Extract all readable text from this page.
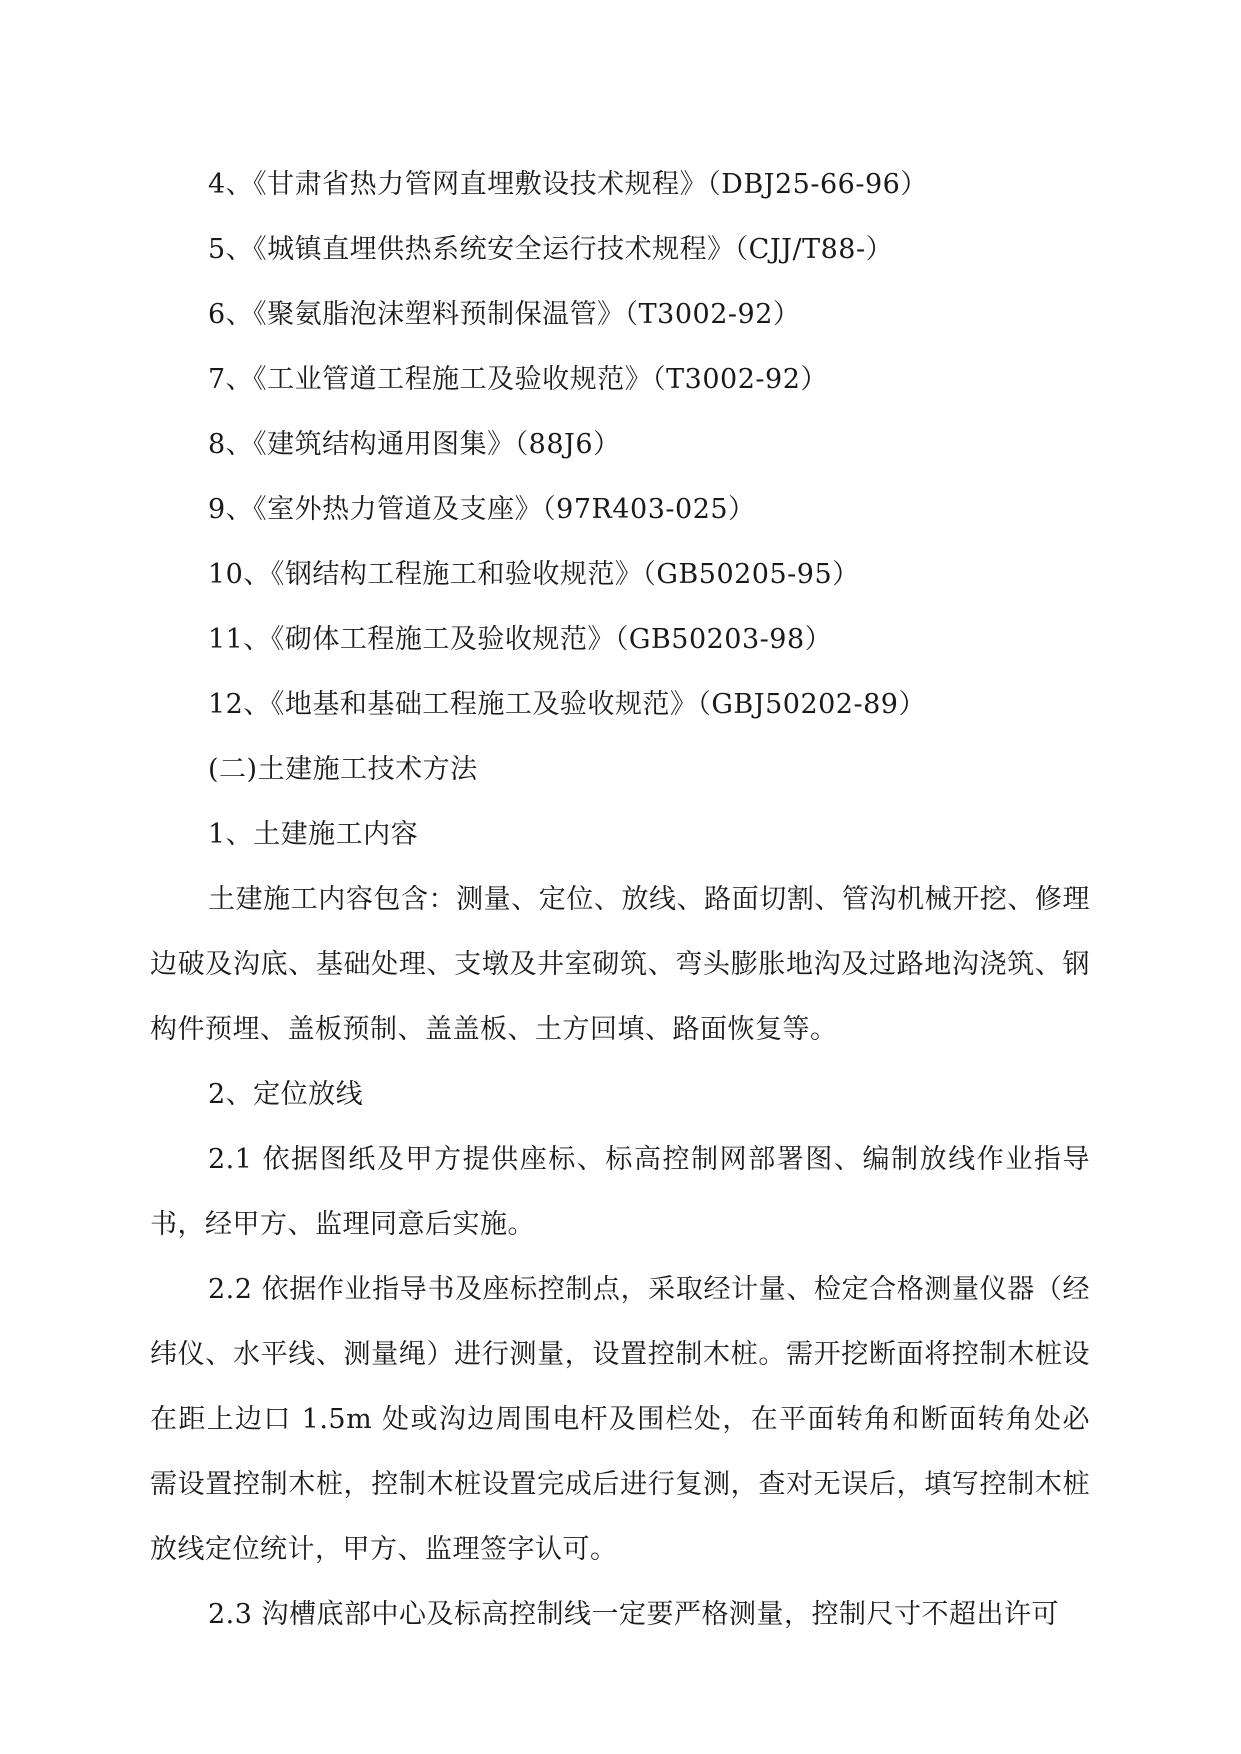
4、《甘肃省热力管网直埋敷设技术规程》（DBJ25-66-96）
5、《城镇直埋供热系统安全运行技术规程》（CJJ/T88-）
6、《聚氨脂泡沫塑料预制保温管》（T3002-92）
7、《工业管道工程施工及验收规范》（T3002-92）
8、《建筑结构通用图集》（88J6）
9、《室外热力管道及支座》（97R403-025）
10、《钢结构工程施工和验收规范》（GB50205-95）
11、《砌体工程施工及验收规范》（GB50203-98）
12、《地基和基础工程施工及验收规范》（GBJ50202-89）
(二)土建施工技术方法
1、土建施工内容
土建施工内容包含：测量、定位、放线、路面切割、管沟机械开挖、修理边破及沟底、基础处理、支墩及井室砌筑、弯头膨胀地沟及过路地沟浇筑、钢构件预埋、盖板预制、盖盖板、土方回填、路面恢复等。
2、定位放线
2.1 依据图纸及甲方提供座标、标高控制网部署图、编制放线作业指导书，经甲方、监理同意后实施。
2.2 依据作业指导书及座标控制点，采取经计量、检定合格测量仪器（经纬仪、水平线、测量绳）进行测量，设置控制木桩。需开挖断面将控制木桩设在距上边口 1.5m 处或沟边周围电杆及围栏处，在平面转角和断面转角处必需设置控制木桩，控制木桩设置完成后进行复测，查对无误后，填写控制木桩放线定位统计，甲方、监理签字认可。
2.3 沟槽底部中心及标高控制线一定要严格测量，控制尺寸不超出许可
